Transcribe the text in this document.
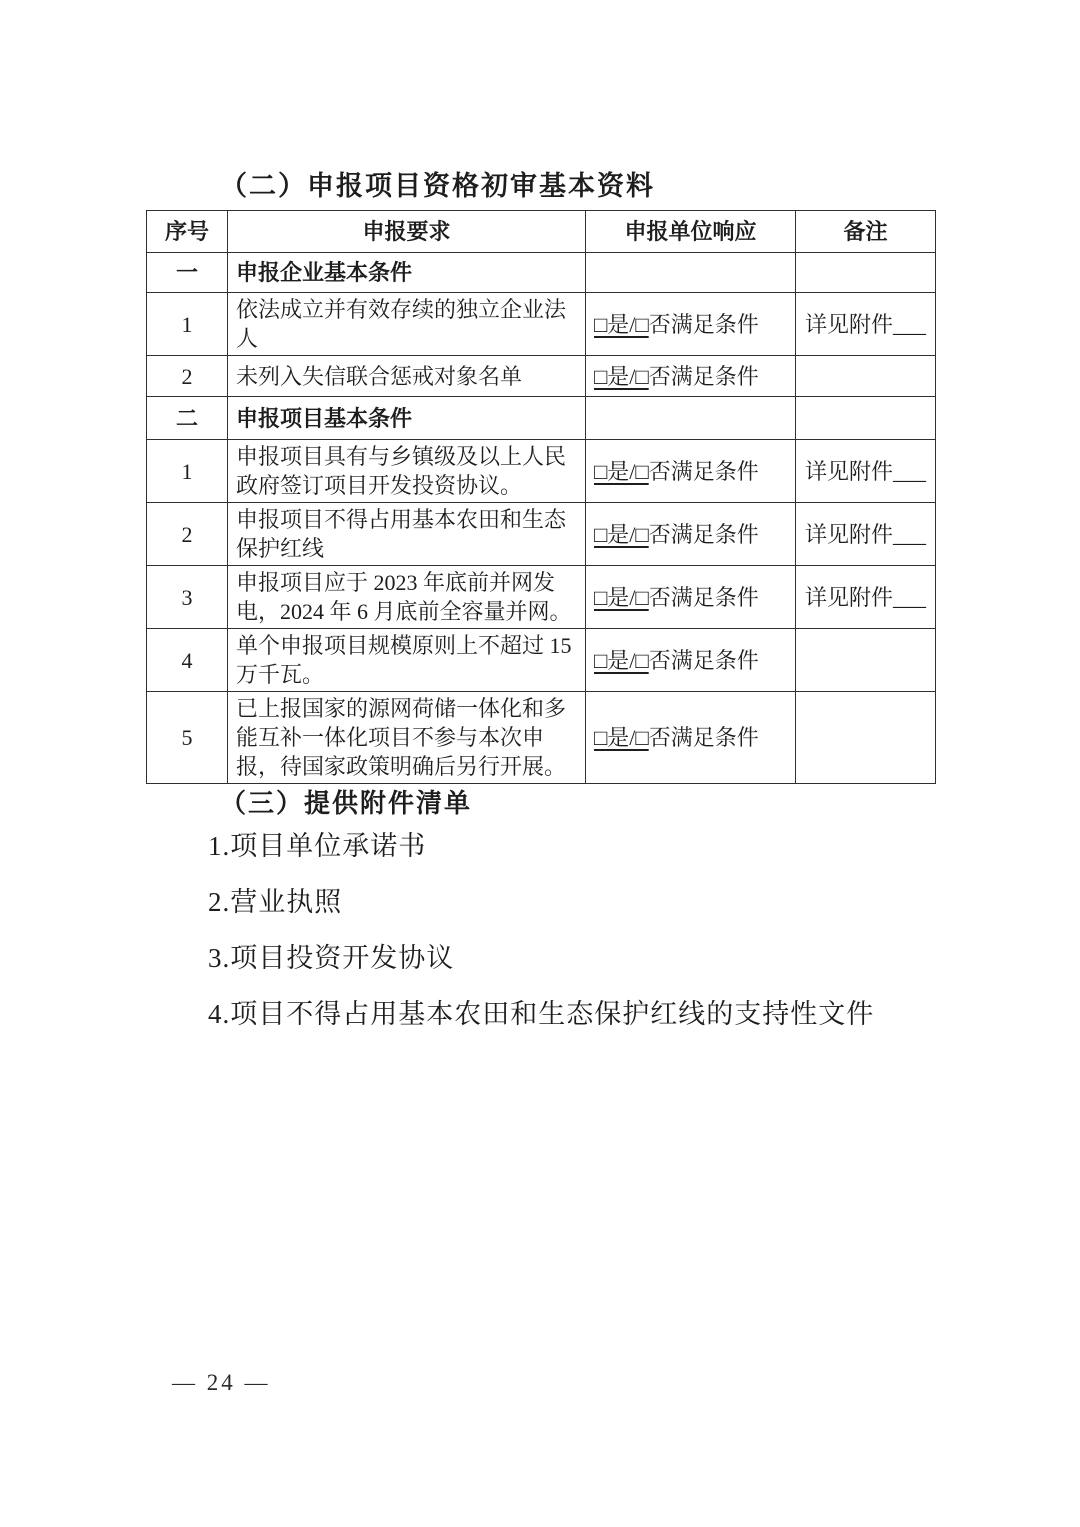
（二）申报项目资格初审基本资料
序号	申报要求	申报单位响应	备注
一	申报企业基本条件		
1	依法成立并有效存续的独立企业法人	□是/□否满足条件	详见附件___
2	未列入失信联合惩戒对象名单	□是/□否满足条件	
二	申报项目基本条件		
1	申报项目具有与乡镇级及以上人民政府签订项目开发投资协议。	□是/□否满足条件	详见附件___
2	申报项目不得占用基本农田和生态保护红线	□是/□否满足条件	详见附件___
3	申报项目应于 2023 年底前并网发电，2024 年 6 月底前全容量并网。	□是/□否满足条件	详见附件___
4	单个申报项目规模原则上不超过 15 万千瓦。	□是/□否满足条件	
5	已上报国家的源网荷储一体化和多能互补一体化项目不参与本次申报，待国家政策明确后另行开展。	□是/□否满足条件	
（三）提供附件清单
1.项目单位承诺书
2.营业执照
3.项目投资开发协议
4.项目不得占用基本农田和生态保护红线的支持性文件
— 24 —
